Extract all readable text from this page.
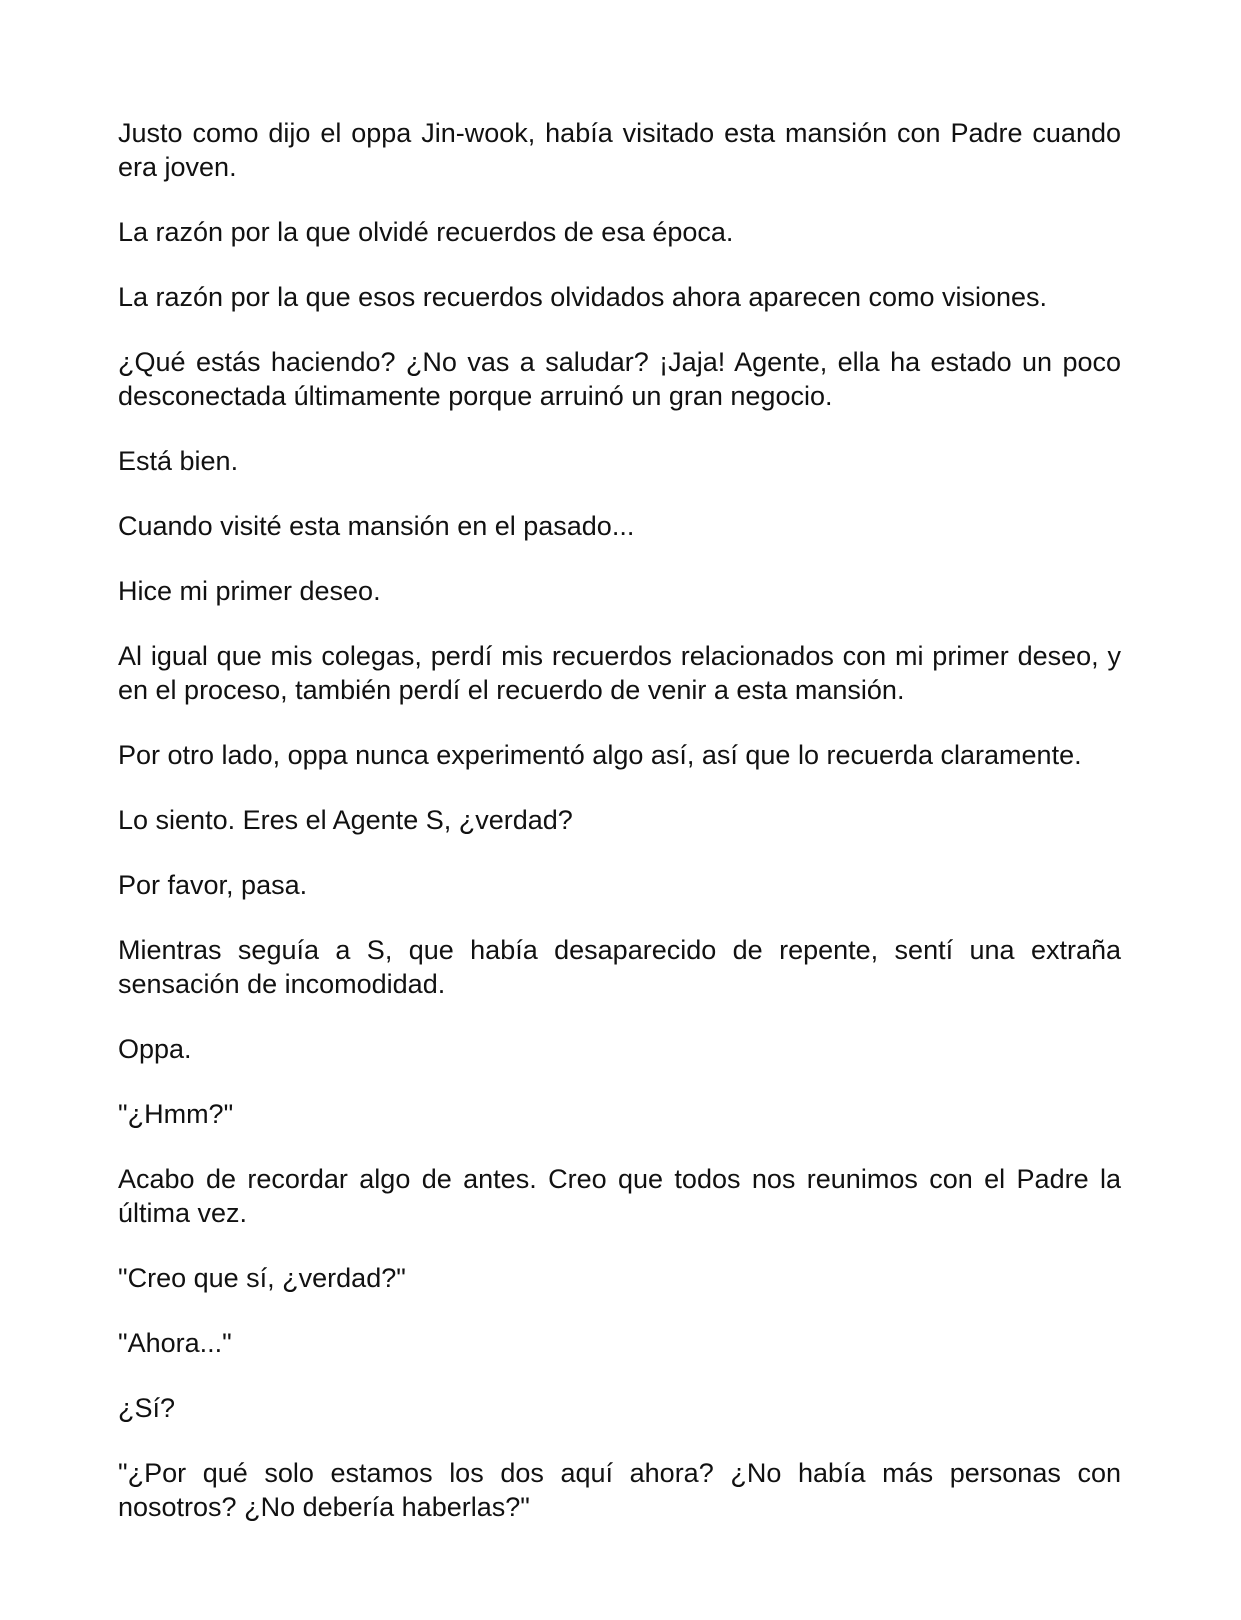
Justo como dijo el oppa Jin-wook, había visitado esta mansión con Padre cuando era joven.

La razón por la que olvidé recuerdos de esa época.

La razón por la que esos recuerdos olvidados ahora aparecen como visiones.

¿Qué estás haciendo? ¿No vas a saludar? ¡Jaja! Agente, ella ha estado un poco desconectada últimamente porque arruinó un gran negocio.

Está bien.

Cuando visité esta mansión en el pasado...

Hice mi primer deseo.

Al igual que mis colegas, perdí mis recuerdos relacionados con mi primer deseo, y en el proceso, también perdí el recuerdo de venir a esta mansión.

Por otro lado, oppa nunca experimentó algo así, así que lo recuerda claramente.

Lo siento. Eres el Agente S, ¿verdad?

Por favor, pasa.

Mientras seguía a S, que había desaparecido de repente, sentí una extraña sensación de incomodidad.

Oppa.

"¿Hmm?"

Acabo de recordar algo de antes. Creo que todos nos reunimos con el Padre la última vez.

"Creo que sí, ¿verdad?"

"Ahora..."

¿Sí?

"¿Por qué solo estamos los dos aquí ahora? ¿No había más personas con nosotros? ¿No debería haberlas?"
